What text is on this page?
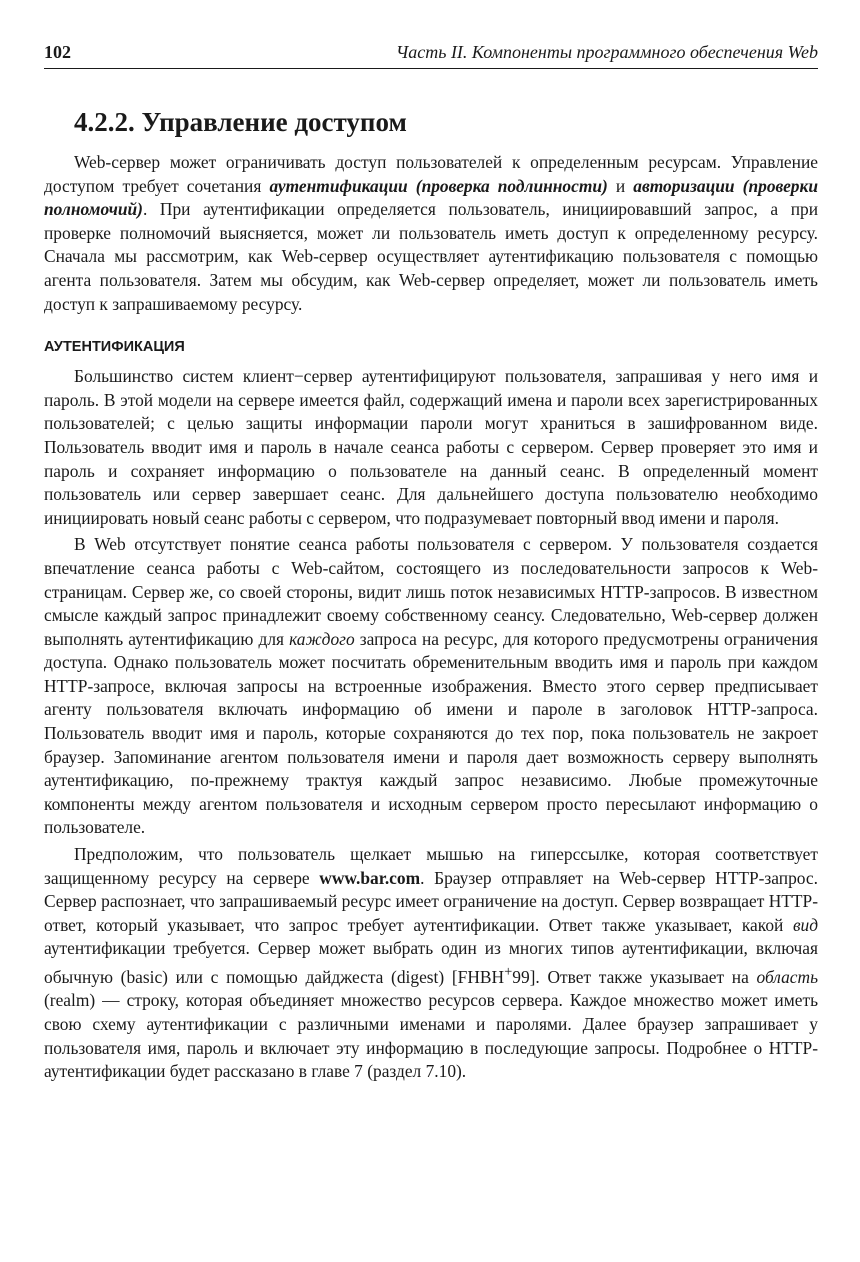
102	Часть II. Компоненты программного обеспечения Web
4.2.2. Управление доступом

Web-сервер может ограничивать доступ пользователей к определенным ресурсам. Управление доступом требует сочетания аутентификации (проверка подлинности) и авторизации (проверки полномочий). При аутентификации определяется пользователь, инициировавший запрос, а при проверке полномочий выясняется, может ли пользователь иметь доступ к определенному ресурсу. Сначала мы рассмотрим, как Web-сервер осуществляет аутентификацию пользователя с помощью агента пользователя. Затем мы обсудим, как Web-сервер определяет, может ли пользователь иметь доступ к запрашиваемому ресурсу.

АУТЕНТИФИКАЦИЯ

Большинство систем клиент−сервер аутентифицируют пользователя, запрашивая у него имя и пароль. В этой модели на сервере имеется файл, содержащий имена и пароли всех зарегистрированных пользователей; с целью защиты информации пароли могут храниться в зашифрованном виде. Пользователь вводит имя и пароль в начале сеанса работы с сервером. Сервер проверяет это имя и пароль и сохраняет информацию о пользователе на данный сеанс. В определенный момент пользователь или сервер завершает сеанс. Для дальнейшего доступа пользователю необходимо инициировать новый сеанс работы с сервером, что подразумевает повторный ввод имени и пароля.

В Web отсутствует понятие сеанса работы пользователя с сервером. У пользователя создается впечатление сеанса работы с Web-сайтом, состоящего из последовательности запросов к Web-страницам. Сервер же, со своей стороны, видит лишь поток независимых HTTP-запросов. В известном смысле каждый запрос принадлежит своему собственному сеансу. Следовательно, Web-сервер должен выполнять аутентификацию для каждого запроса на ресурс, для которого предусмотрены ограничения доступа. Однако пользователь может посчитать обременительным вводить имя и пароль при каждом HTTP-запросе, включая запросы на встроенные изображения. Вместо этого сервер предписывает агенту пользователя включать информацию об имени и пароле в заголовок HTTP-запроса. Пользователь вводит имя и пароль, которые сохраняются до тех пор, пока пользователь не закроет браузер. Запоминание агентом пользователя имени и пароля дает возможность серверу выполнять аутентификацию, по-прежнему трактуя каждый запрос независимо. Любые промежуточные компоненты между агентом пользователя и исходным сервером просто пересылают информацию о пользователе.

Предположим, что пользователь щелкает мышью на гиперссылке, которая соответствует защищенному ресурсу на сервере www.bar.com. Браузер отправляет на Web-сервер HTTP-запрос. Сервер распознает, что запрашиваемый ресурс имеет ограничение на доступ. Сервер возвращает HTTP-ответ, который указывает, что запрос требует аутентификации. Ответ также указывает, какой вид аутентификации требуется. Сервер может выбрать один из многих типов аутентификации, включая обычную (basic) или с помощью дайджеста (digest) [FHBH+99]. Ответ также указывает на область (realm) — строку, которая объединяет множество ресурсов сервера. Каждое множество может иметь свою схему аутентификации с различными именами и паролями. Далее браузер запрашивает у пользователя имя, пароль и включает эту информацию в последующие запросы. Подробнее о HTTP-аутентификации будет рассказано в главе 7 (раздел 7.10).
